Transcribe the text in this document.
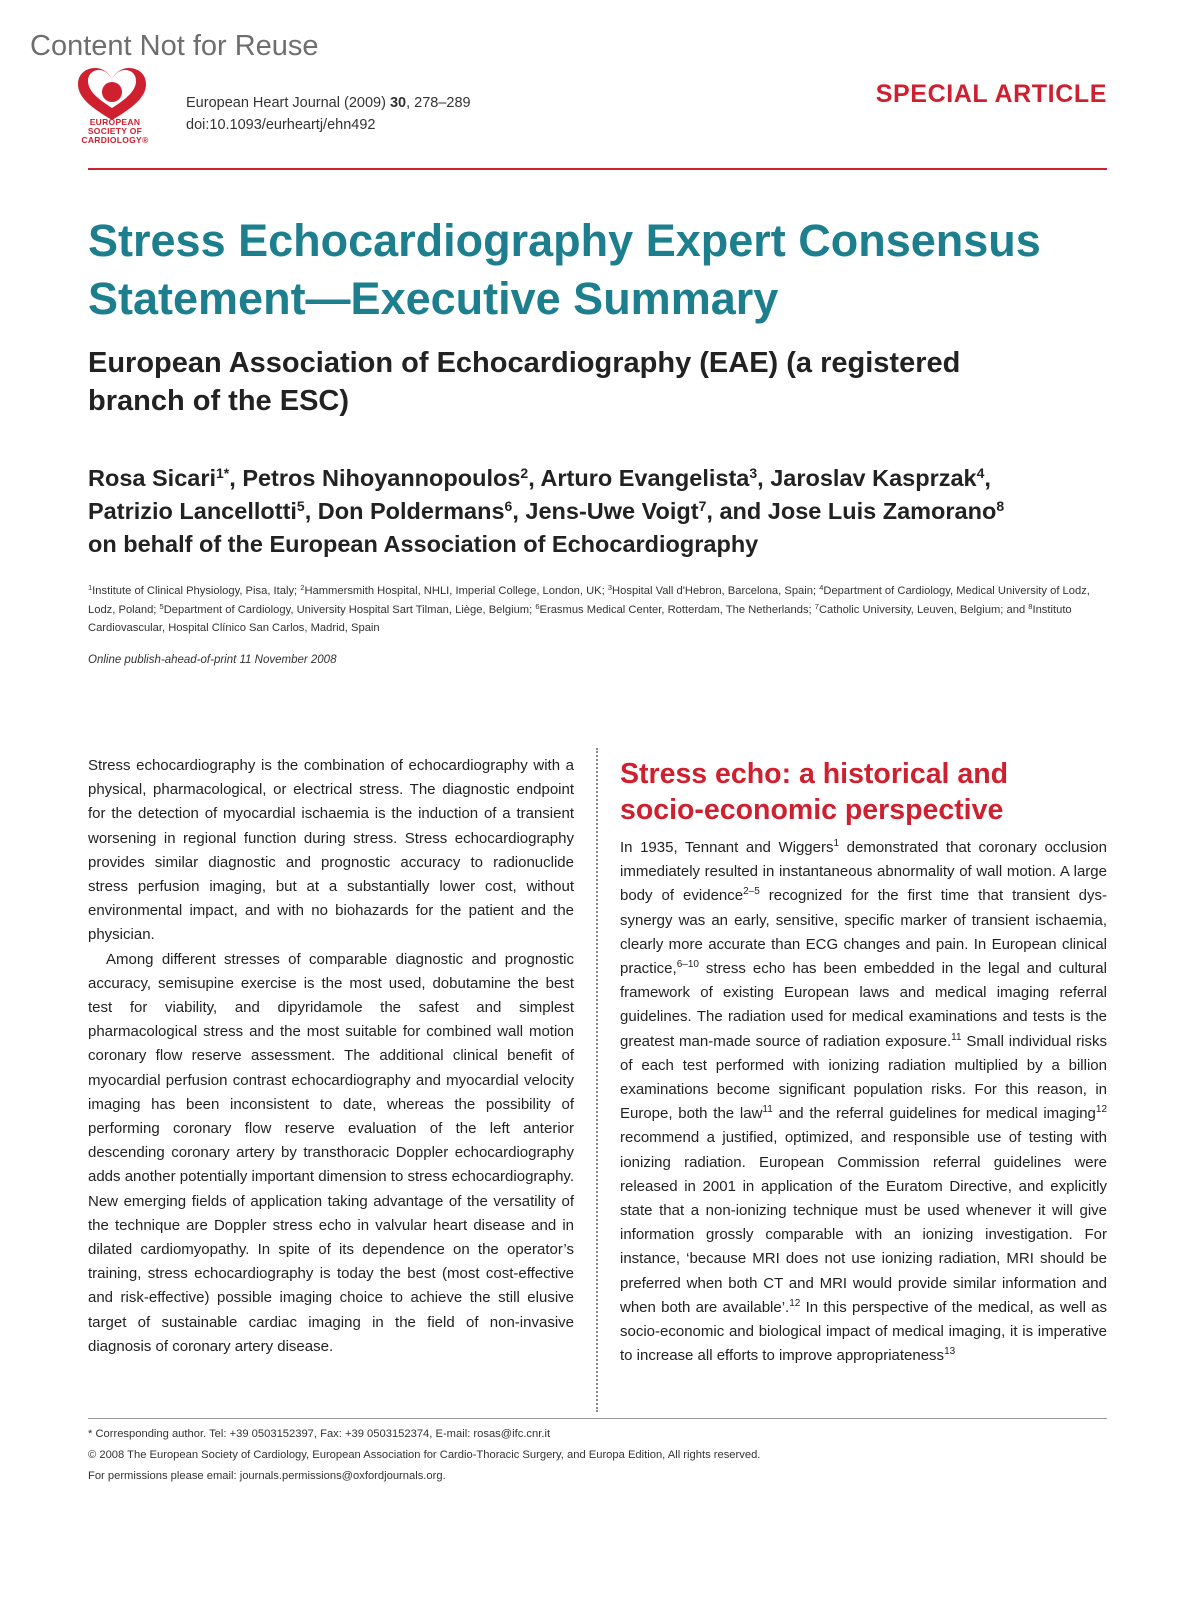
Content Not for Reuse
EUROPEAN
SOCIETY OF
CARDIOLOGY®
European Heart Journal (2009) 30, 278–289
doi:10.1093/eurheartj/ehn492
SPECIAL ARTICLE
Stress Echocardiography Expert Consensus
Statement—Executive Summary
European Association of Echocardiography (EAE) (a registered
branch of the ESC)
Rosa Sicari$^{1*}$, Petros Nihoyannopoulos$^2$, Arturo Evangelista$^3$, Jaroslav Kasprzak$^4$,
Patrizio Lancellotti$^5$, Don Poldermans$^6$, Jens-Uwe Voigt$^7$, and Jose Luis Zamorano$^8$
on behalf of the European Association of Echocardiography
$^1$Institute of Clinical Physiology, Pisa, Italy; $^2$Hammersmith Hospital, NHLI, Imperial College, London, UK; $^3$Hospital Vall d'Hebron, Barcelona, Spain; $^4$Department of Cardiology, Medical University of Lodz, Lodz, Poland; $^5$Department of Cardiology, University Hospital Sart Tilman, Liège, Belgium; $^6$Erasmus Medical Center, Rotterdam, The Netherlands; $^7$Catholic University, Leuven, Belgium; and $^8$Instituto Cardiovascular, Hospital Clínico San Carlos, Madrid, Spain
Online publish-ahead-of-print 11 November 2008

Stress echocardiography is the combination of echocardiography with a physical, pharmacological, or electrical stress. The diagnostic endpoint for the detection of myocardial ischaemia is the induction of a transient worsening in regional function during stress. Stress echocardiography provides similar diagnostic and prognostic accuracy to radionuclide stress perfusion imaging, but at a substantially lower cost, without environmental impact, and with no biohazards for the patient and the physician.

Among different stresses of comparable diagnostic and prognostic accuracy, semisupine exercise is the most used, dobutamine the best test for viability, and dipyridamole the safest and simplest pharmacological stress and the most suitable for combined wall motion coronary flow reserve assessment. The additional clinical benefit of myocardial perfusion contrast echocardiography and myocardial velocity imaging has been inconsistent to date, whereas the possibility of performing coronary flow reserve evaluation of the left anterior descending coronary artery by transthoracic Doppler echocardiography adds another potentially important dimension to stress echocardiography. New emerging fields of application taking advantage of the versatility of the technique are Doppler stress echo in valvular heart disease and in dilated cardiomyopathy. In spite of its dependence on the operator’s training, stress echocardiography is today the best (most cost-effective and risk-effective) possible imaging choice to achieve the still elusive target of sustainable cardiac imaging in the field of non-invasive diagnosis of coronary artery disease.

Stress echo: a historical and
socio-economic perspective

In 1935, Tennant and Wiggers$^1$ demonstrated that coronary occlusion immediately resulted in instantaneous abnormality of wall motion. A large body of evidence$^{2-5}$ recognized for the first time that transient dys-synergy was an early, sensitive, specific marker of transient ischaemia, clearly more accurate than ECG changes and pain. In European clinical practice,$^{6-10}$ stress echo has been embedded in the legal and cultural framework of existing European laws and medical imaging referral guidelines. The radiation used for medical examinations and tests is the greatest man-made source of radiation exposure.$^{11}$ Small individual risks of each test performed with ionizing radiation multiplied by a billion examinations become significant population risks. For this reason, in Europe, both the law$^{11}$ and the referral guidelines for medical imaging$^{12}$ recommend a justified, optimized, and responsible use of testing with ionizing radiation. European Commission referral guidelines were released in 2001 in application of the Euratom Directive, and explicitly state that a non-ionizing technique must be used whenever it will give information grossly comparable with an ionizing investigation. For instance, ‘because MRI does not use ionizing radiation, MRI should be preferred when both CT and MRI would provide similar information and when both are available’.$^{12}$ In this perspective of the medical, as well as socio-economic and biological impact of medical imaging, it is imperative to increase all efforts to improve appropriateness$^{13}$

* Corresponding author. Tel: +39 0503152397, Fax: +39 0503152374, E-mail: rosas@ifc.cnr.it
© 2008 The European Society of Cardiology, European Association for Cardio-Thoracic Surgery, and Europa Edition, All rights reserved.
For permissions please email: journals.permissions@oxfordjournals.org.
